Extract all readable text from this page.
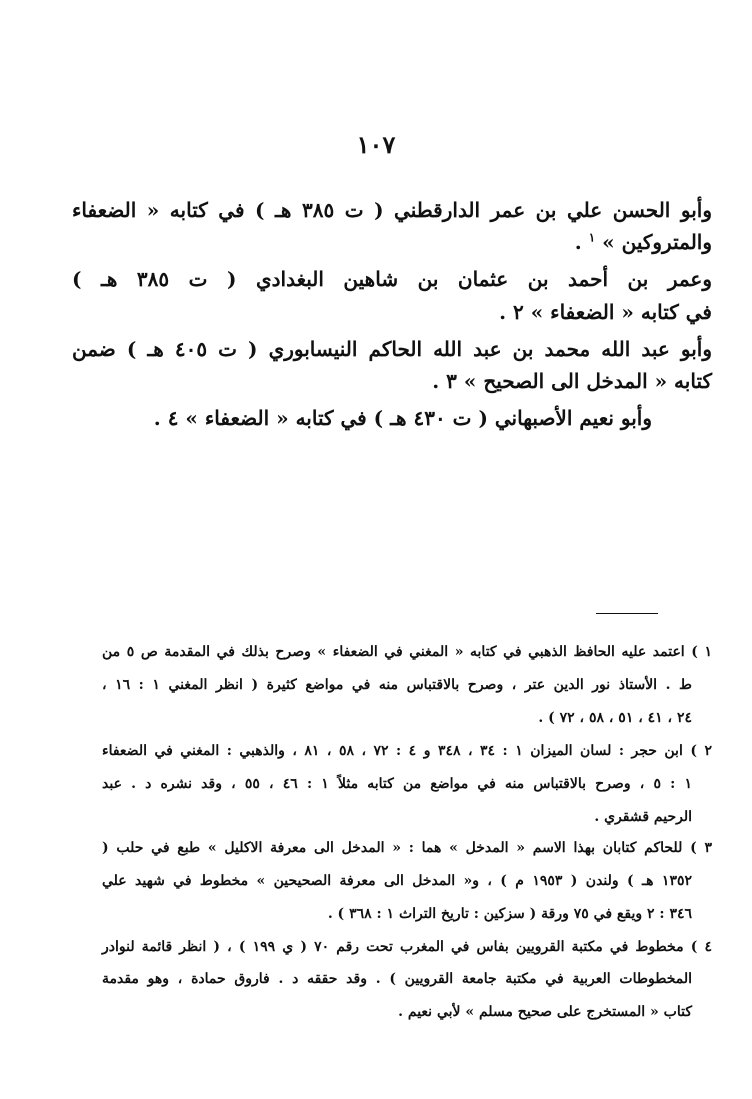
١٠٧
وأبو الحسن علي بن عمر الدارقطني ( ت ٣٨٥ هـ ) في كتابه « الضعفاء
والمتروكين » $^١$ .
وعمر بن أحمد بن عثمان بن شاهين البغدادي ( ت ٣٨٥ هـ )
في كتابه « الضعفاء » ٢ .
وأبو عبد الله محمد بن عبد الله الحاكم النيسابوري ( ت ٤٠٥ هـ ) ضمن
كتابه « المدخل الى الصحيح » ٣ .
وأبو نعيم الأصبهاني ( ت ٤٣٠ هـ ) في كتابه « الضعفاء » ٤ .
١ ) اعتمد عليه الحافظ الذهبي في كتابه « المغني في الضعفاء » وصرح بذلك في المقدمة ص ٥ من
ط . الأستاذ نور الدين عتر ، وصرح بالاقتباس منه في مواضع كثيرة ( انظر المغني ١ : ١٦ ،
٢٤ ، ٤١ ، ٥١ ، ٥٨ ، ٧٢ ) .
٢ ) ابن حجر : لسان الميزان ١ : ٣٤ ، ٣٤٨ و ٤ : ٧٢ ، ٥٨ ، ٨١ ، والذهبي : المغني في الضعفاء
١ : ٥ ، وصرح بالاقتباس منه في مواضع من كتابه مثلاً ١ : ٤٦ ، ٥٥ ، وقد نشره د . عبد
الرحيم قشقري .
٣ ) للحاكم كتابان بهذا الاسم « المدخل » هما : « المدخل الى معرفة الاكليل » طبع في حلب (
١٣٥٢ هـ ) ولندن ( ١٩٥٣ م ) ، و« المدخل الى معرفة الصحيحين » مخطوط في شهيد علي
٣٤٦ : ٢ ويقع في ٧٥ ورقة ( سزكين : تاريخ التراث ١ : ٣٦٨ ) .
٤ ) مخطوط في مكتبة القرويين بفاس في المغرب تحت رقم ٧٠ ( ي ١٩٩ ) ، ( انظر قائمة لنوادر
المخطوطات العربية في مكتبة جامعة القرويين ) . وقد حققه د . فاروق حمادة ، وهو مقدمة
كتاب « المستخرج على صحيح مسلم » لأبي نعيم .
